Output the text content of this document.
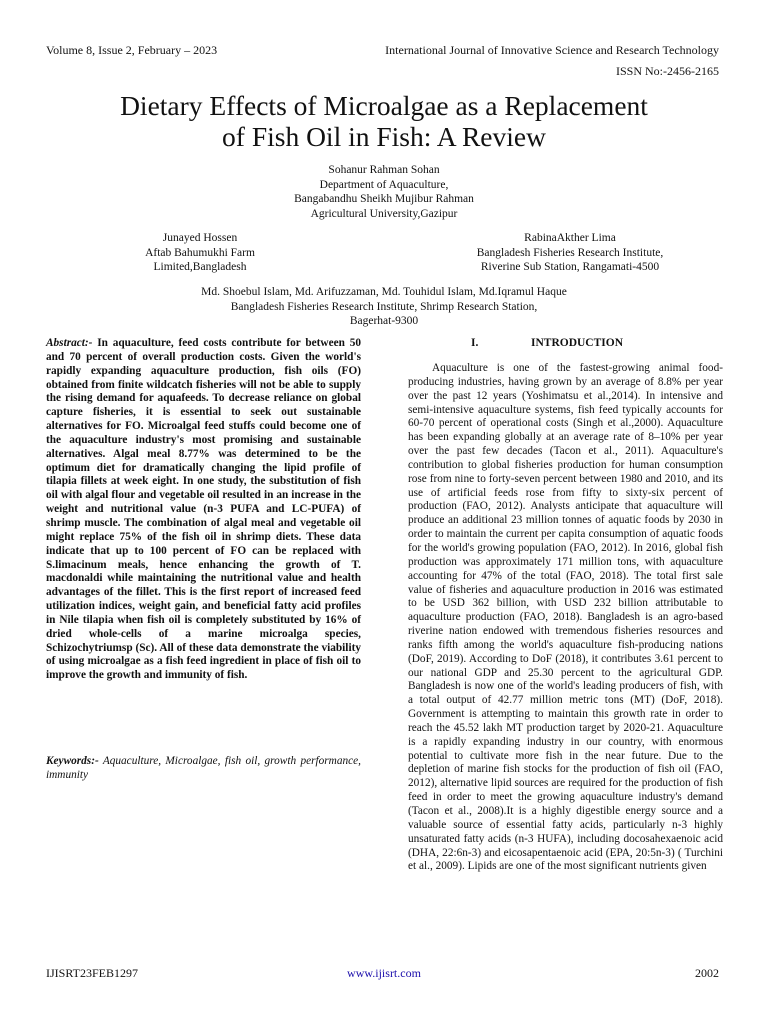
Volume 8, Issue 2, February – 2023	International Journal of Innovative Science and Research Technology
ISSN No:-2456-2165
Dietary Effects of Microalgae as a Replacement
of Fish Oil in Fish: A Review
Sohanur Rahman Sohan
Department of Aquaculture,
Bangabandhu Sheikh Mujibur Rahman
Agricultural University,Gazipur
Junayed Hossen
Aftab Bahumukhi Farm
Limited,Bangladesh
RabinaAkther Lima
Bangladesh Fisheries Research Institute,
Riverine Sub Station, Rangamati-4500
Md. Shoebul Islam, Md. Arifuzzaman, Md. Touhidul Islam, Md.Iqramul Haque
Bangladesh Fisheries Research Institute, Shrimp Research Station,
Bagerhat-9300
Abstract:- In aquaculture, feed costs contribute for between 50 and 70 percent of overall production costs. Given the world's rapidly expanding aquaculture production, fish oils (FO) obtained from finite wildcatch fisheries will not be able to supply the rising demand for aquafeeds. To decrease reliance on global capture fisheries, it is essential to seek out sustainable alternatives for FO. Microalgal feed stuffs could become one of the aquaculture industry's most promising and sustainable alternatives. Algal meal 8.77% was determined to be the optimum diet for dramatically changing the lipid profile of tilapia fillets at week eight. In one study, the substitution of fish oil with algal flour and vegetable oil resulted in an increase in the weight and nutritional value (n-3 PUFA and LC-PUFA) of shrimp muscle. The combination of algal meal and vegetable oil might replace 75% of the fish oil in shrimp diets. These data indicate that up to 100 percent of FO can be replaced with S.limacinum meals, hence enhancing the growth of T. macdonaldi while maintaining the nutritional value and health advantages of the fillet. This is the first report of increased feed utilization indices, weight gain, and beneficial fatty acid profiles in Nile tilapia when fish oil is completely substituted by 16% of dried whole-cells of a marine microalga species, Schizochytriumsp (Sc). All of these data demonstrate the viability of using microalgae as a fish feed ingredient in place of fish oil to improve the growth and immunity of fish.
Keywords:- Aquaculture, Microalgae, fish oil, growth performance, immunity
I.	INTRODUCTION
Aquaculture is one of the fastest-growing animal food-producing industries, having grown by an average of 8.8% per year over the past 12 years (Yoshimatsu et al.,2014). In intensive and semi-intensive aquaculture systems, fish feed typically accounts for 60-70 percent of operational costs (Singh et al.,2000). Aquaculture has been expanding globally at an average rate of 8–10% per year over the past few decades (Tacon et al., 2011). Aquaculture's contribution to global fisheries production for human consumption rose from nine to forty-seven percent between 1980 and 2010, and its use of artificial feeds rose from fifty to sixty-six percent of production (FAO, 2012). Analysts anticipate that aquaculture will produce an additional 23 million tonnes of aquatic foods by 2030 in order to maintain the current per capita consumption of aquatic foods for the world's growing population (FAO, 2012). In 2016, global fish production was approximately 171 million tons, with aquaculture accounting for 47% of the total (FAO, 2018). The total first sale value of fisheries and aquaculture production in 2016 was estimated to be USD 362 billion, with USD 232 billion attributable to aquaculture production (FAO, 2018). Bangladesh is an agro-based riverine nation endowed with tremendous fisheries resources and ranks fifth among the world's aquaculture fish-producing nations (DoF, 2019). According to DoF (2018), it contributes 3.61 percent to our national GDP and 25.30 percent to the agricultural GDP. Bangladesh is now one of the world's leading producers of fish, with a total output of 42.77 million metric tons (MT) (DoF, 2018). Government is attempting to maintain this growth rate in order to reach the 45.52 lakh MT production target by 2020-21. Aquaculture is a rapidly expanding industry in our country, with enormous potential to cultivate more fish in the near future. Due to the depletion of marine fish stocks for the production of fish oil (FAO, 2012), alternative lipid sources are required for the production of fish feed in order to meet the growing aquaculture industry's demand (Tacon et al., 2008).It is a highly digestible energy source and a valuable source of essential fatty acids, particularly n-3 highly unsaturated fatty acids (n-3 HUFA), including docosahexaenoic acid (DHA, 22:6n-3) and eicosapentaenoic acid (EPA, 20:5n-3) ( Turchini et al., 2009). Lipids are one of the most significant nutrients given
IJISRT23FEB1297	www.ijisrt.com	2002
